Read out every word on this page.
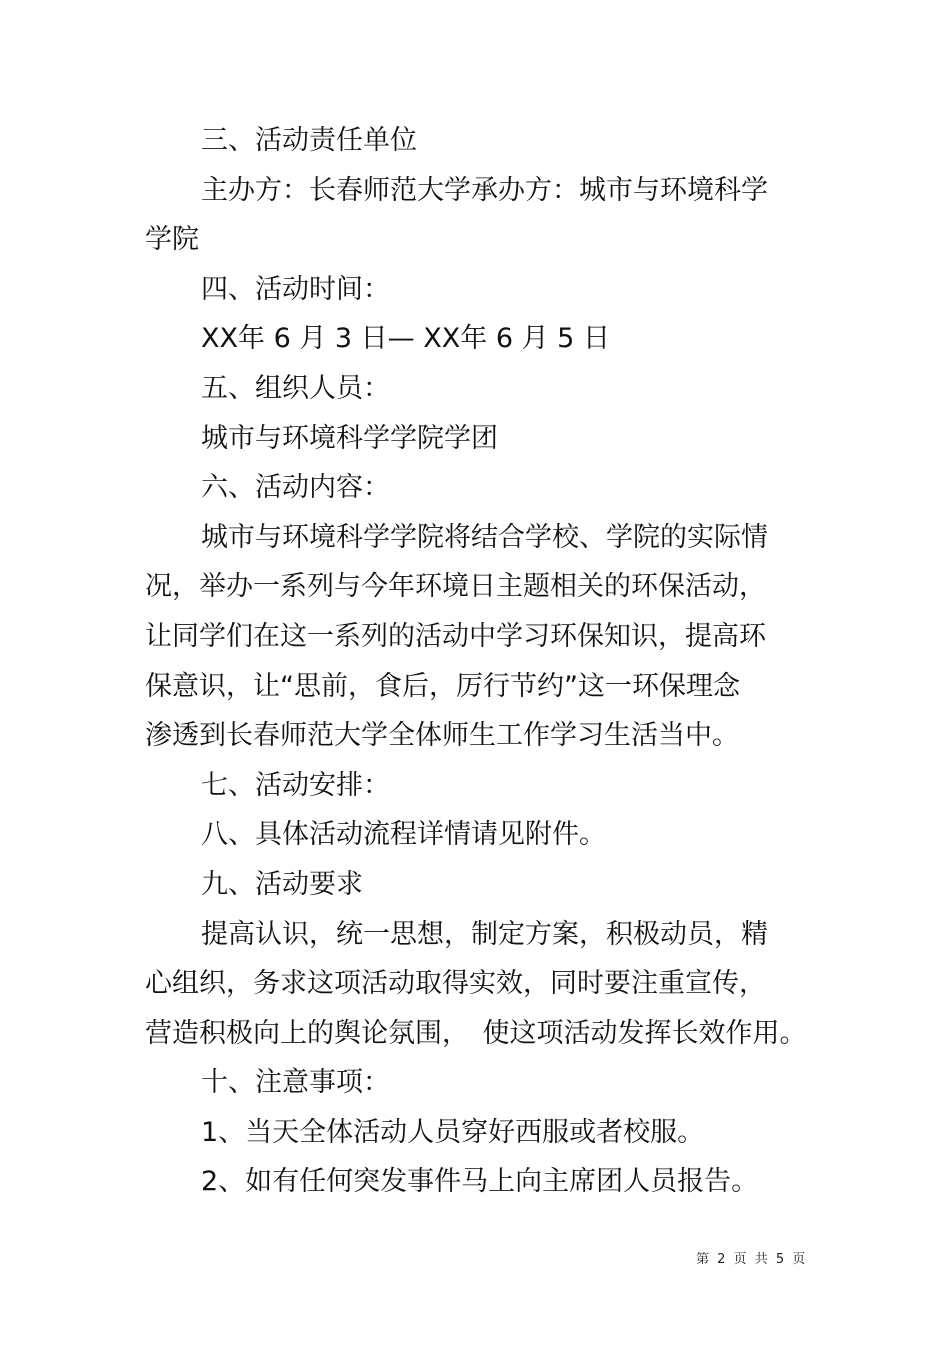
三、活动责任单位
主办方：长春师范大学承办方：城市与环境科学
学院
四、活动时间：
XX年 6 月 3 日— XX年 6 月 5 日
五、组织人员：
城市与环境科学学院学团
六、活动内容：
城市与环境科学学院将结合学校、学院的实际情
况，举办一系列与今年环境日主题相关的环保活动，
让同学们在这一系列的活动中学习环保知识，提高环
保意识，让“思前，食后，厉行节约”这一环保理念
渗透到长春师范大学全体师生工作学习生活当中。
七、活动安排：
八、具体活动流程详情请见附件。
九、活动要求
提高认识，统一思想，制定方案，积极动员，精
心组织，务求这项活动取得实效，同时要注重宣传，
营造积极向上的舆论氛围，　使这项活动发挥长效作用。
十、注意事项：
1、当天全体活动人员穿好西服或者校服。
2、如有任何突发事件马上向主席团人员报告。
第 2 页 共 5 页
